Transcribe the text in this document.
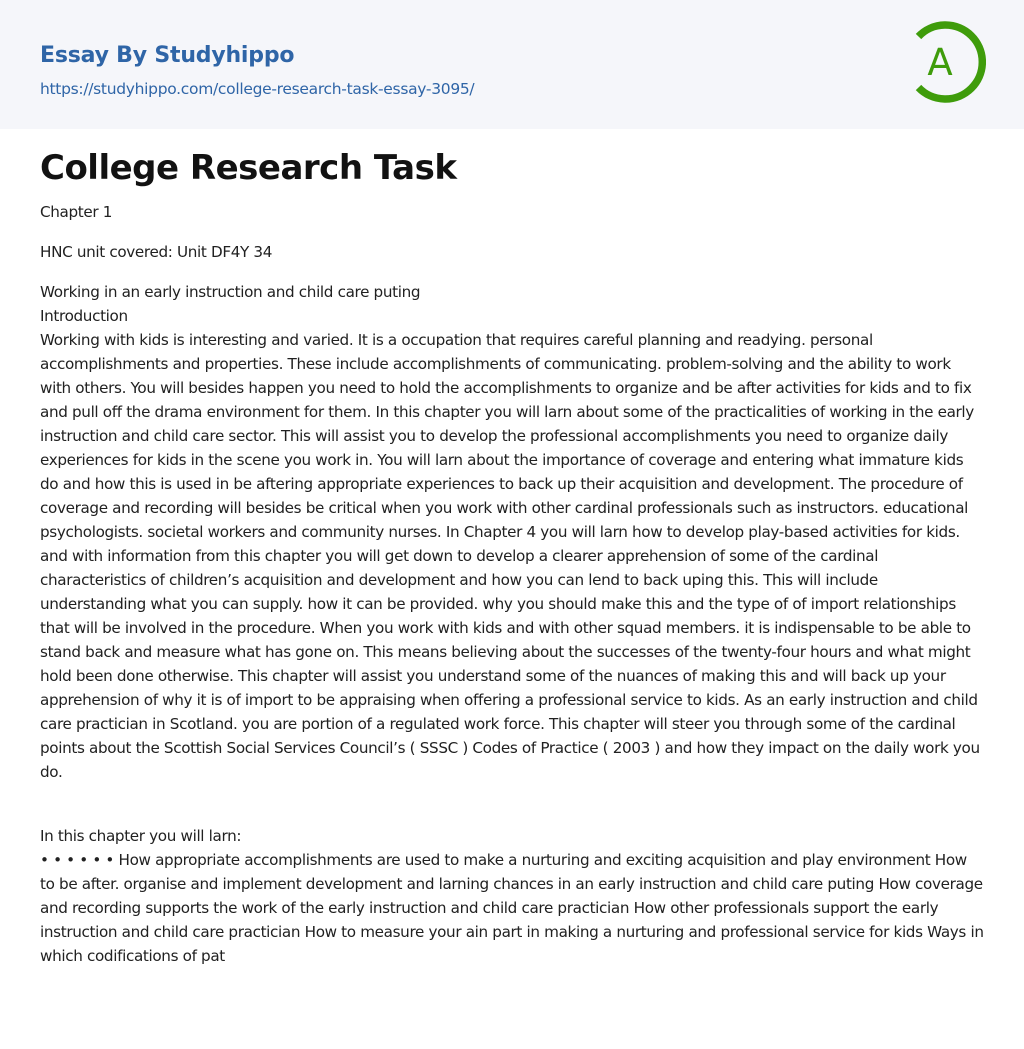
Essay By Studyhippo
https://studyhippo.com/college-research-task-essay-3095/
A
College Research Task

Chapter 1

HNC unit covered: Unit DF4Y 34

Working in an early instruction and child care puting

Introduction

Working with kids is interesting and varied. It is a occupation that requires careful planning and readying. personal accomplishments and properties. These include accomplishments of communicating. problem-solving and the ability to work with others. You will besides happen you need to hold the accomplishments to organize and be after activities for kids and to fix and pull off the drama environment for them. In this chapter you will larn about some of the practicalities of working in the early instruction and child care sector. This will assist you to develop the professional accomplishments you need to organize daily experiences for kids in the scene you work in. You will larn about the importance of coverage and entering what immature kids do and how this is used in be aftering appropriate experiences to back up their acquisition and development. The procedure of coverage and recording will besides be critical when you work with other cardinal professionals such as instructors. educational psychologists. societal workers and community nurses. In Chapter 4 you will larn how to develop play-based activities for kids. and with information from this chapter you will get down to develop a clearer apprehension of some of the cardinal characteristics of children’s acquisition and development and how you can lend to back uping this. This will include understanding what you can supply. how it can be provided. why you should make this and the type of of import relationships that will be involved in the procedure. When you work with kids and with other squad members. it is indispensable to be able to stand back and measure what has gone on. This means believing about the successes of the twenty-four hours and what might hold been done otherwise. This chapter will assist you understand some of the nuances of making this and will back up your apprehension of why it is of import to be appraising when offering a professional service to kids. As an early instruction and child care practician in Scotland. you are portion of a regulated work force. This chapter will steer you through some of the cardinal points about the Scottish Social Services Council’s ( SSSC ) Codes of Practice ( 2003 ) and how they impact on the daily work you do.

In this chapter you will larn:

• • • • • • How appropriate accomplishments are used to make a nurturing and exciting acquisition and play environment How to be after. organise and implement development and larning chances in an early instruction and child care puting How coverage and recording supports the work of the early instruction and child care practician How other professionals support the early instruction and child care practician How to measure your ain part in making a nurturing and professional service for kids Ways in which codifications of pat
